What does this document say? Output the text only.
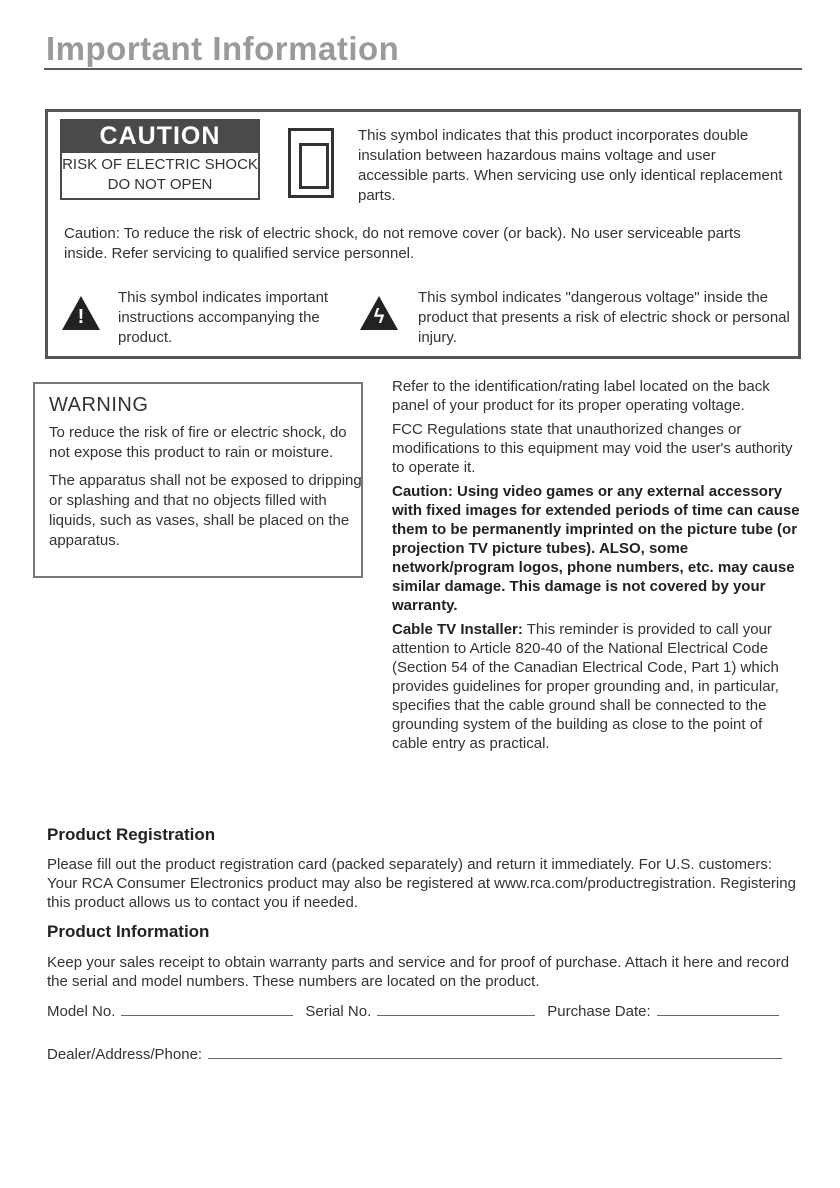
Important Information
CAUTION
RISK OF ELECTRIC SHOCK
DO NOT OPEN
This symbol indicates that this product incorporates double insulation between hazardous mains voltage and user accessible parts. When servicing use only identical replacement parts.
Caution: To reduce the risk of electric shock, do not remove cover (or back). No user serviceable parts inside. Refer servicing to qualified service personnel.
!
This symbol indicates important instructions accompanying the product.
ϟ
This symbol indicates "dangerous voltage" inside the product that presents a risk of electric shock or personal injury.
WARNING

To reduce the risk of fire or electric shock, do not expose this product to rain or moisture.

The apparatus shall not be exposed to dripping or splashing and that no objects filled with liquids, such as vases, shall be placed on the apparatus.

Refer to the identification/rating label located on the back panel of your product for its proper operating voltage.

FCC Regulations state that unauthorized changes or modifications to this equipment may void the user's authority to operate it.

Caution: Using video games or any external accessory with fixed images for extended periods of time can cause them to be permanently imprinted on the picture tube (or projection TV picture tubes). ALSO, some network/program logos, phone numbers, etc. may cause similar damage. This damage is not covered by your warranty.

Cable TV Installer: This reminder is provided to call your attention to Article 820-40 of the National Electrical Code (Section 54 of the Canadian Electrical Code, Part 1) which provides guidelines for proper grounding and, in particular, specifies that the cable ground shall be connected to the grounding system of the building as close to the point of cable entry as practical.

Product Registration
Please fill out the product registration card (packed separately) and return it immediately. For U.S. customers: Your RCA Consumer Electronics product may also be registered at www.rca.com/productregistration. Registering this product allows us to contact you if needed.
Product Information
Keep your sales receipt to obtain warranty parts and service and for proof of purchase. Attach it here and record the serial and model numbers. These numbers are located on the product.
Model No.	Serial No.	Purchase Date:
Dealer/Address/Phone:
